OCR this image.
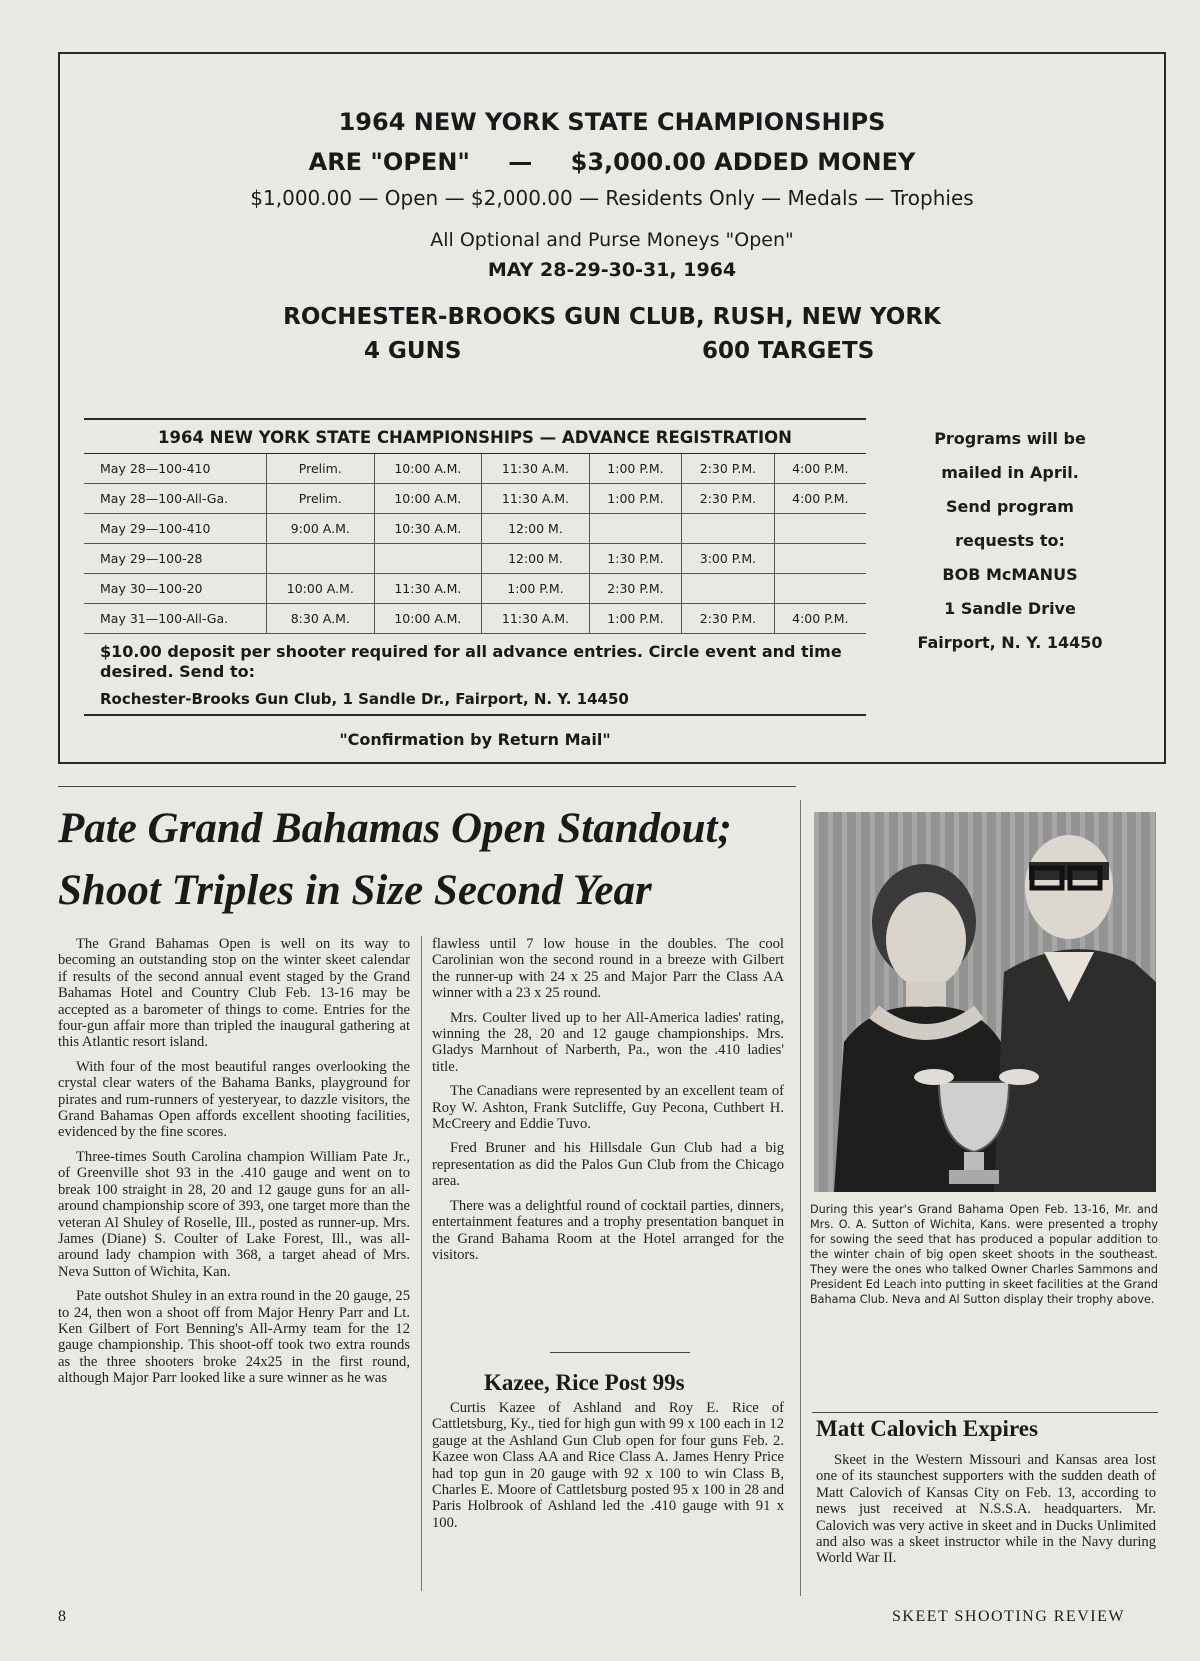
1964 NEW YORK STATE CHAMPIONSHIPS
ARE "OPEN" — $3,000.00 ADDED MONEY
$1,000.00 — Open — $2,000.00 — Residents Only — Medals — Trophies
All Optional and Purse Moneys "Open"
MAY 28-29-30-31, 1964
ROCHESTER-BROOKS GUN CLUB, RUSH, NEW YORK
4 GUNS	600 TARGETS
1964 NEW YORK STATE CHAMPIONSHIPS — ADVANCE REGISTRATION
May 28—100-410	Prelim.	10:00 A.M.	11:30 A.M.	1:00 P.M.	2:30 P.M.	4:00 P.M.
May 28—100-All-Ga.	Prelim.	10:00 A.M.	11:30 A.M.	1:00 P.M.	2:30 P.M.	4:00 P.M.
May 29—100-410	9:00 A.M.	10:30 A.M.	12:00 M.			
May 29—100-28			12:00 M.	1:30 P.M.	3:00 P.M.	
May 30—100-20	10:00 A.M.	11:30 A.M.	1:00 P.M.	2:30 P.M.		
May 31—100-All-Ga.	8:30 A.M.	10:00 A.M.	11:30 A.M.	1:00 P.M.	2:30 P.M.	4:00 P.M.
$10.00 deposit per shooter required for all advance entries. Circle event and time desired. Send to:
Rochester-Brooks Gun Club, 1 Sandle Dr., Fairport, N. Y. 14450
"Confirmation by Return Mail"
Programs will be
mailed in April.
Send program
requests to:
BOB McMANUS
1 Sandle Drive
Fairport, N. Y. 14450
Pate Grand Bahamas Open Standout;
Shoot Triples in Size Second Year

The Grand Bahamas Open is well on its way to becoming an outstanding stop on the winter skeet calendar if results of the second annual event staged by the Grand Bahamas Hotel and Country Club Feb. 13-16 may be accepted as a barometer of things to come. Entries for the four-gun affair more than tripled the inaugural gathering at this Atlantic resort island.

With four of the most beautiful ranges overlooking the crystal clear waters of the Bahama Banks, playground for pirates and rum-runners of yesteryear, to dazzle visitors, the Grand Bahamas Open affords excellent shooting facilities, evidenced by the fine scores.

Three-times South Carolina champion William Pate Jr., of Greenville shot 93 in the .410 gauge and went on to break 100 straight in 28, 20 and 12 gauge guns for an all-around championship score of 393, one target more than the veteran Al Shuley of Roselle, Ill., posted as runner-up. Mrs. James (Diane) S. Coulter of Lake Forest, Ill., was all-around lady champion with 368, a target ahead of Mrs. Neva Sutton of Wichita, Kan.

Pate outshot Shuley in an extra round in the 20 gauge, 25 to 24, then won a shoot off from Major Henry Parr and Lt. Ken Gilbert of Fort Benning's All-Army team for the 12 gauge championship. This shoot-off took two extra rounds as the three shooters broke 24x25 in the first round, although Major Parr looked like a sure winner as he was

flawless until 7 low house in the doubles. The cool Carolinian won the second round in a breeze with Gilbert the runner-up with 24 x 25 and Major Parr the Class AA winner with a 23 x 25 round.

Mrs. Coulter lived up to her All-America ladies' rating, winning the 28, 20 and 12 gauge championships. Mrs. Gladys Marnhout of Narberth, Pa., won the .410 ladies' title.

The Canadians were represented by an excellent team of Roy W. Ashton, Frank Sutcliffe, Guy Pecona, Cuthbert H. McCreery and Eddie Tuvo.

Fred Bruner and his Hillsdale Gun Club had a big representation as did the Palos Gun Club from the Chicago area.

There was a delightful round of cocktail parties, dinners, entertainment features and a trophy presentation banquet in the Grand Bahama Room at the Hotel arranged for the visitors.

Kazee, Rice Post 99s

Curtis Kazee of Ashland and Roy E. Rice of Cattletsburg, Ky., tied for high gun with 99 x 100 each in 12 gauge at the Ashland Gun Club open for four guns Feb. 2. Kazee won Class AA and Rice Class A. James Henry Price had top gun in 20 gauge with 92 x 100 to win Class B, Charles E. Moore of Cattletsburg posted 95 x 100 in 28 and Paris Holbrook of Ashland led the .410 gauge with 91 x 100.

During this year's Grand Bahama Open Feb. 13-16, Mr. and Mrs. O. A. Sutton of Wichita, Kans. were presented a trophy for sowing the seed that has produced a popular addition to the winter chain of big open skeet shoots in the southeast. They were the ones who talked Owner Charles Sammons and President Ed Leach into putting in skeet facilities at the Grand Bahama Club. Neva and Al Sutton display their trophy above.
Matt Calovich Expires

Skeet in the Western Missouri and Kansas area lost one of its staunchest supporters with the sudden death of Matt Calovich of Kansas City on Feb. 13, according to news just received at N.S.S.A. headquarters. Mr. Calovich was very active in skeet and in Ducks Unlimited and also was a skeet instructor while in the Navy during World War II.

8	SKEET SHOOTING REVIEW
